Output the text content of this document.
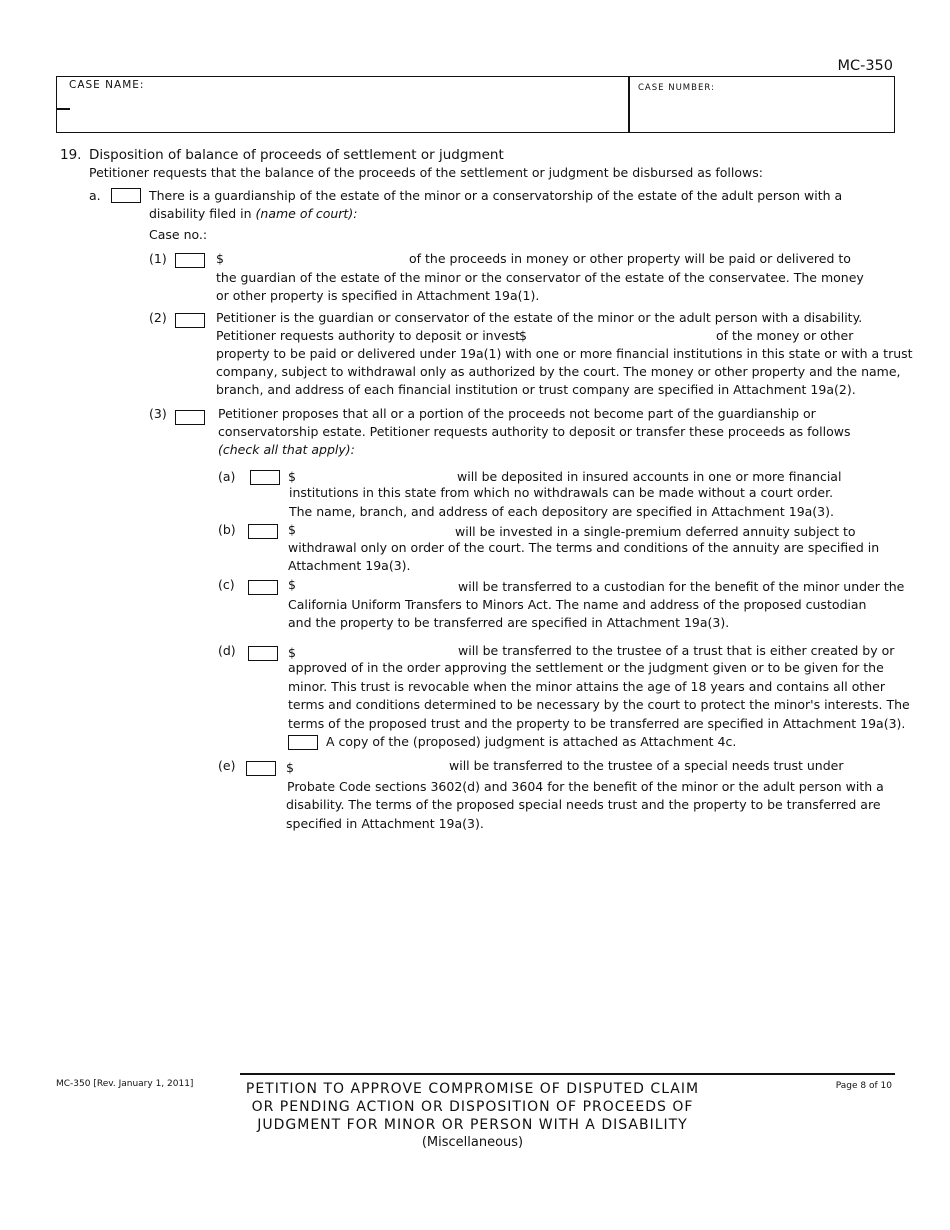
MC-350
CASE NAME:	CASE NUMBER:
19. Disposition of balance of proceeds of settlement or judgment
Petitioner requests that the balance of the proceeds of the settlement or judgment be disbursed as follows:
a.	There is a guardianship of the estate of the minor or a conservatorship of the estate of the adult person with a
disability filed in (name of court):
Case no.:
(1)	$	of the proceeds in money or other property will be paid or delivered to
the guardian of the estate of the minor or the conservator of the estate of the conservatee. The money
or other property is specified in Attachment 19a(1).
(2)	Petitioner is the guardian or conservator of the estate of the minor or the adult person with a disability.
Petitioner requests authority to deposit or invest
$	of the money or other
property to be paid or delivered under 19a(1) with one or more financial institutions in this state or with a trust
company, subject to withdrawal only as authorized by the court. The money or other property and the name,
branch, and address of each financial institution or trust company are specified in Attachment 19a(2).
(3)	Petitioner proposes that all or a portion of the proceeds not become part of the guardianship or
conservatorship estate. Petitioner requests authority to deposit or transfer these proceeds as follows
(check all that apply):
(a)	$	will be deposited in insured accounts in one or more financial
institutions in this state from which no withdrawals can be made without a court order.
The name, branch, and address of each depository are specified in Attachment 19a(3).
(b)	$	will be invested in a single-premium deferred annuity subject to
withdrawal only on order of the court. The terms and conditions of the annuity are specified in
Attachment 19a(3).
(c)	$	will be transferred to a custodian for the benefit of the minor under the
California Uniform Transfers to Minors Act. The name and address of the proposed custodian
and the property to be transferred are specified in Attachment 19a(3).
(d)	$	will be transferred to the trustee of a trust that is either created by or
approved of in the order approving the settlement or the judgment given or to be given for the
minor. This trust is revocable when the minor attains the age of 18 years and contains all other
terms and conditions determined to be necessary by the court to protect the minor's interests. The
terms of the proposed trust and the property to be transferred are specified in Attachment 19a(3).
A copy of the (proposed) judgment is attached as Attachment 4c.
(e)	$	will be transferred to the trustee of a special needs trust under
Probate Code sections 3602(d) and 3604 for the benefit of the minor or the adult person with a
disability. The terms of the proposed special needs trust and the property to be transferred are
specified in Attachment 19a(3).
MC-350 [Rev. January 1, 2011]	PETITION TO APPROVE COMPROMISE OF DISPUTED CLAIM
OR PENDING ACTION OR DISPOSITION OF PROCEEDS OF
JUDGMENT FOR MINOR OR PERSON WITH A DISABILITY
(Miscellaneous)
Page 8 of 10
